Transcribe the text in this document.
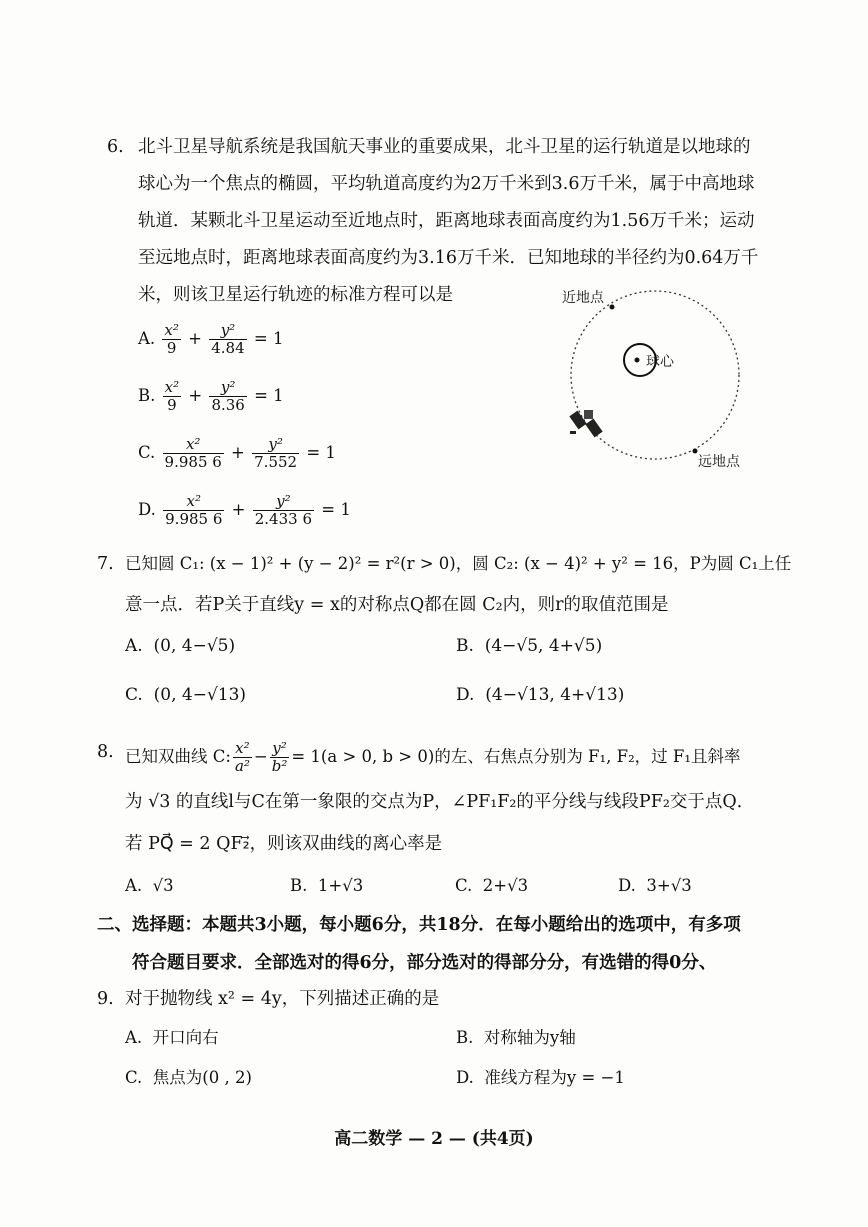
6. 北斗卫星导航系统是我国航天事业的重要成果，北斗卫星的运行轨道是以地球的
球心为一个焦点的椭圆，平均轨道高度约为2万千米到3.6万千米，属于中高地球
轨道．某颗北斗卫星运动至近地点时，距离地球表面高度约为1.56万千米；运动
至远地点时，距离地球表面高度约为3.16万千米．已知地球的半径约为0.64万千
米，则该卫星运行轨迹的标准方程可以是
A. $\frac{\text{x²}}{9} + \frac{\text{y²}}{4.84} = 1$
B. $\frac{\text{x²}}{9} + \frac{\text{y²}}{8.36} = 1$
C. $\frac{\text{x²}}{9.985 6} + \frac{\text{y²}}{7.552} = 1$
D. $\frac{\text{x²}}{9.985 6} + \frac{\text{y²}}{2.433 6} = 1$
近地点
球心
远地点
7. 已知圆 C₁: (x − 1)² + (y − 2)² = r²(r > 0)，圆 C₂: (x − 4)² + y² = 16，P为圆 C₁上任
意一点．若P关于直线y = x的对称点Q都在圆 C₂内，则r的取值范围是
A. (0, 4−√5)	B. (4−√5, 4+√5)
C. (0, 4−√13)	D. (4−√13, 4+√13)
8. 已知双曲线 C: $\frac{\text{x²}}{\text{a²}} - \frac{\text{y²}}{\text{b²}} = 1(a > 0$, b > 0)的左、右焦点分别为 F₁, F₂，过 F₁且斜率
为 √3 的直线l与C在第一象限的交点为P，∠PF₁F₂的平分线与线段PF₂交于点Q．
若 PQ⃗ = 2 QF₂⃗，则该双曲线的离心率是
A. √3	B. 1+√3	C. 2+√3	D. 3+√3
二、选择题：本题共3小题，每小题6分，共18分．在每小题给出的选项中，有多项
符合题目要求．全部选对的得6分，部分选对的得部分分，有选错的得0分、
9. 对于抛物线 x² = 4y，下列描述正确的是
A. 开口向右	B. 对称轴为y轴
C. 焦点为(0 , 2)	D. 准线方程为y = −1
高二数学 — 2 — (共4页)
